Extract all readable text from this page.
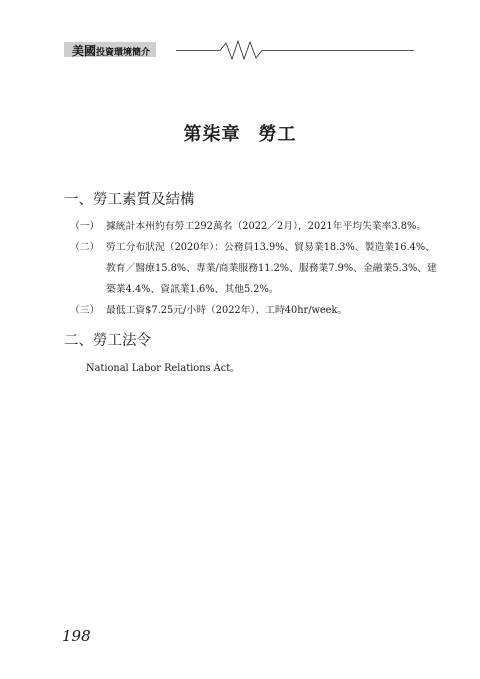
美國投資環境簡介
第柒章 勞工
一、勞工素質及結構

（一） 據統計本州約有勞工292萬名（2022／2月），2021年平均失業率3.8%。

（二） 勞工分布狀況（2020年）：公務員13.9%、貿易業18.3%、製造業16.4%、
教育／醫療15.8%、專業/商業服務11.2%、服務業7.9%、金融業5.3%、建
築業4.4%、資訊業1.6%、其他5.2%。

（三） 最低工資$7.25元/小時（2022年）、工時40hr/week。

二、勞工法令

National Labor Relations Act。

198
